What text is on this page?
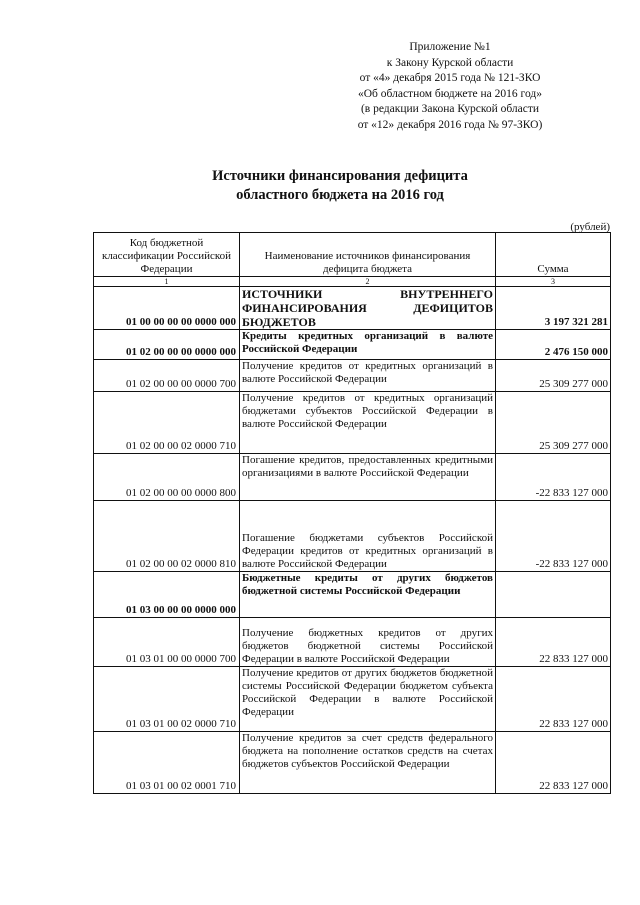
Приложение №1
к Закону Курской области
от «4» декабря 2015 года № 121-ЗКО
«Об областном бюджете на 2016 год»
(в редакции Закона Курской области
от «12» декабря 2016 года № 97-ЗКО)
Источники финансирования дефицита
областного бюджета на 2016 год
(рублей)
Код бюджетной классификации Российской Федерации	Наименование источников финансирования дефицита бюджета	Сумма
1	2	3
01 00 00 00 00 0000 000	ИСТОЧНИКИ ВНУТРЕННЕГО ФИНАНСИРОВАНИЯ ДЕФИЦИТОВ БЮДЖЕТОВ	3 197 321 281
01 02 00 00 00 0000 000	Кредиты кредитных организаций в валюте Российской Федерации	2 476 150 000
01 02 00 00 00 0000 700	Получение кредитов от кредитных организаций в валюте Российской Федерации	25 309 277 000
01 02 00 00 02 0000 710	Получение кредитов от кредитных организаций бюджетами субъектов Российской Федерации в валюте Российской Федерации	25 309 277 000
01 02 00 00 00 0000 800	Погашение кредитов, предоставленных кредитными организациями в валюте Российской Федерации	-22 833 127 000
01 02 00 00 02 0000 810	Погашение бюджетами субъектов Российской Федерации кредитов от кредитных организаций в валюте Российской Федерации	-22 833 127 000
01 03 00 00 00 0000 000	Бюджетные кредиты от других бюджетов бюджетной системы Российской Федерации	
01 03 01 00 00 0000 700	Получение бюджетных кредитов от других бюджетов бюджетной системы Российской Федерации в валюте Российской Федерации	22 833 127 000
01 03 01 00 02 0000 710	Получение кредитов от других бюджетов бюджетной системы Российской Федерации бюджетом субъекта Российской Федерации в валюте Российской Федерации	22 833 127 000
01 03 01 00 02 0001 710	Получение кредитов за счет средств федерального бюджета на пополнение остатков средств на счетах бюджетов субъектов Российской Федерации	22 833 127 000
